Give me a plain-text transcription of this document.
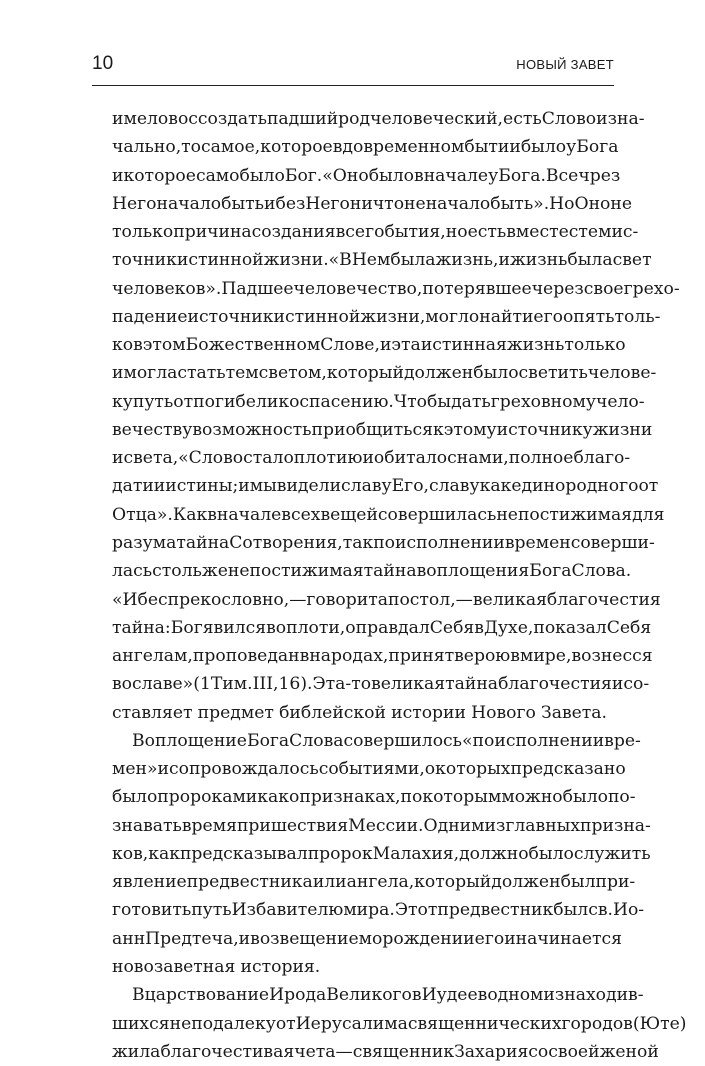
10	НОВЫЙ ЗАВЕТ
имело воссоздать падший род человеческий, есть Слово изна-
чально, то самое, которое в довременном бытии было у Бога
и которое само было Бог. «Оно было в начале у Бога. Все чрез
Него начало быть и без Него ничто не начало быть». Но Оно не
только причина создания всего бытия, но есть вместе с тем ис-
точник истинной жизни. «В Нем была жизнь, и жизнь была свет
человеков». Падшее человечество, потерявшее через свое грехо-
падение источник истинной жизни, могло найти его опять толь-
ко в этом Божественном Слове, и эта истинная жизнь только
и могла стать тем светом, который должен был осветить челове-
ку путь от погибели ко спасению. Чтобы дать греховному чело-
вечеству возможность приобщиться к этому источнику жизни
и света, «Слово стало плотию и обитало с нами, полное благо-
дати и истины; и мы видели славу Его, славу как единородного от
Отца». Как в начале всех вещей совершилась непостижимая для
разума тайна Сотворения, так по исполнении времен соверши-
лась столь же непостижимая тайна воплощения Бога Слова.
«И беспрекословно, — говорит апостол, — великая благочестия
тайна: Бог явился во плоти, оправдал Себя в Духе, показал Себя
ангелам, проповедан в народах, принят верою в мире, вознесся
во славе» (1 Тим. III, 16). Эта-то великая тайна благочестия и со-
ставляет предмет библейской истории Нового Завета.
Воплощение Бога Слова совершилось «по исполнении вре-
мен» и сопровождалось событиями, о которых предсказано
было пророками как о признаках, по которым можно было по-
знавать время пришествия Мессии. Одним из главных призна-
ков, как предсказывал пророк Малахия, должно было служить
явление предвестника или ангела, который должен был при-
готовить путь Избавителю мира. Этот предвестник был св. Ио-
анн Предтеча, и возвещением о рождении его и начинается
новозаветная история.
В царствование Ирода Великого в Иудее в одном из находив-
шихся неподалеку от Иерусалима священнических городов (Юте)
жила благочестивая чета — священник Захария со своей женой
